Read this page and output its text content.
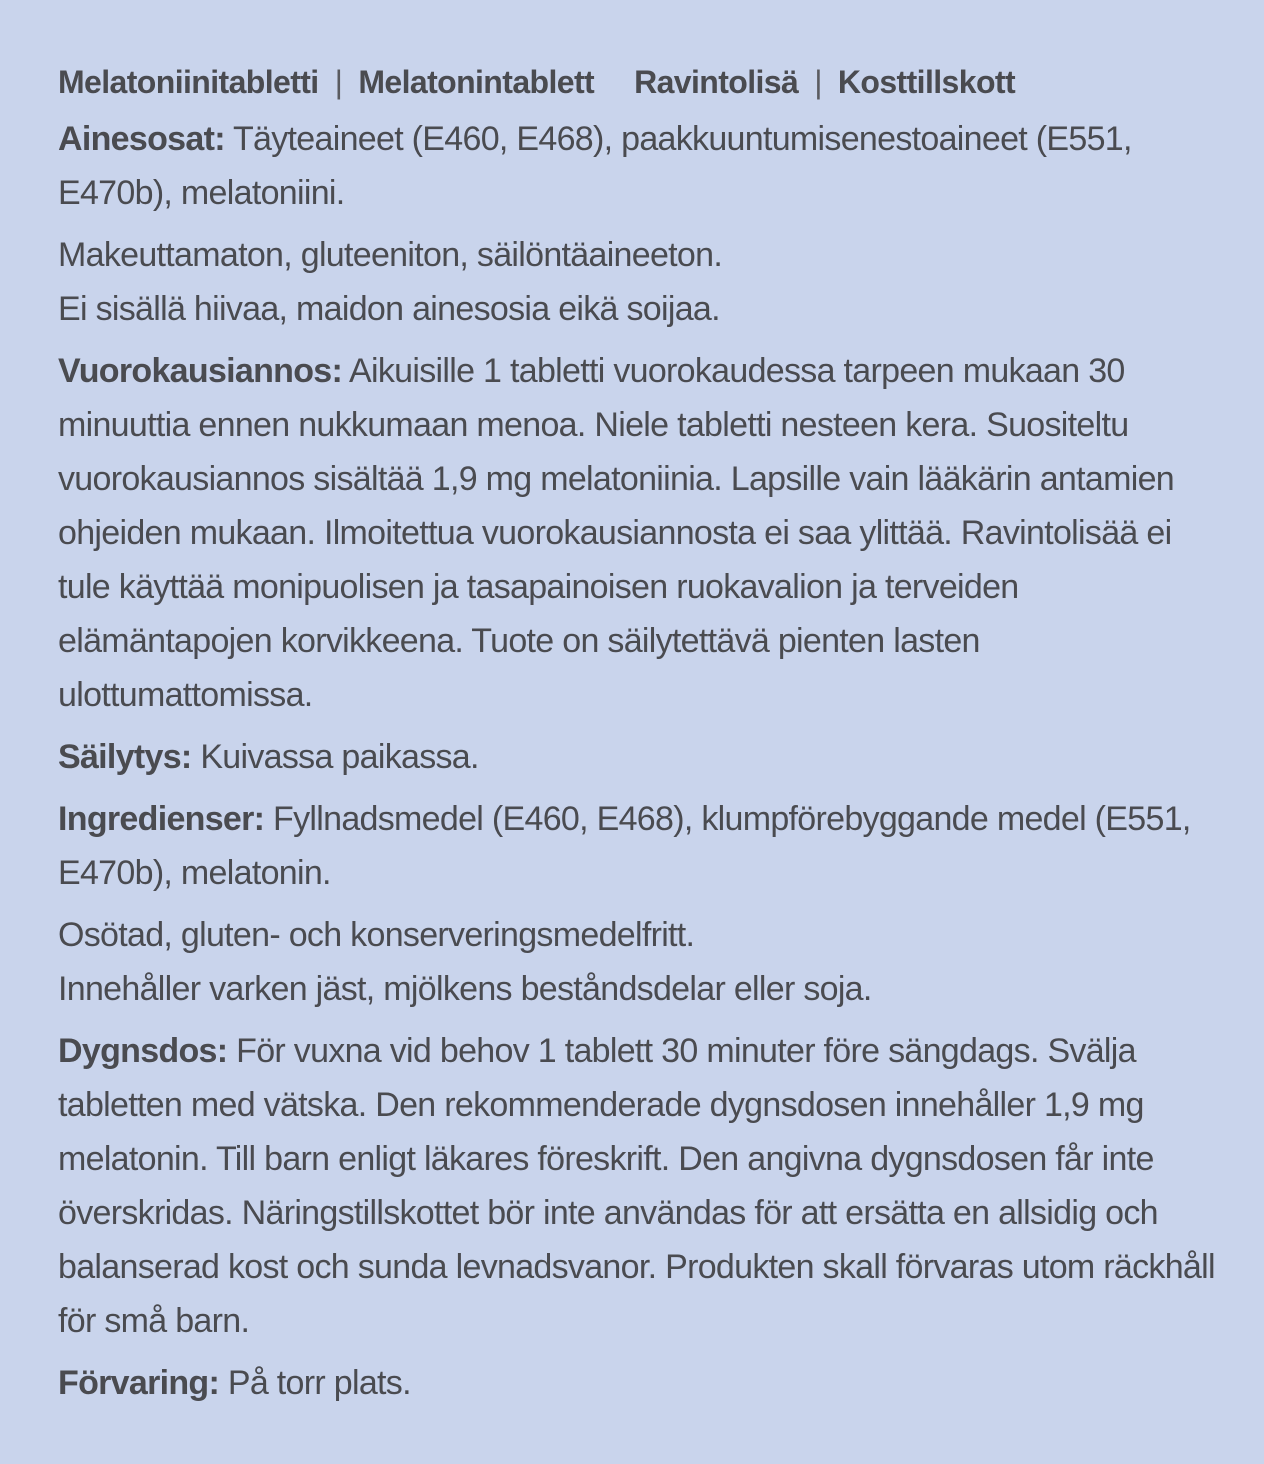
Melatoniinitabletti | Melatonintablett Ravintolisä | Kosttillskott

Ainesosat: Täyteaineet (E460, E468), paakkuuntumisenestoaineet (E551, E470b), melatoniini.

Makeuttamaton, gluteeniton, säilöntäaineeton.
Ei sisällä hiivaa, maidon ainesosia eikä soijaa.

Vuorokausiannos: Aikuisille 1 tabletti vuorokaudessa tarpeen mukaan 30 minuuttia ennen nukkumaan menoa. Niele tabletti nesteen kera. Suositeltu vuorokausiannos sisältää 1,9 mg melatoniinia. Lapsille vain lääkärin antamien ohjeiden mukaan. Ilmoitettua vuorokausiannosta ei saa ylittää. Ravintolisää ei tule käyttää monipuolisen ja tasapainoisen ruokavalion ja terveiden elämäntapojen korvikkeena. Tuote on säilytettävä pienten lasten ulottumattomissa.

Säilytys: Kuivassa paikassa.

Ingredienser: Fyllnadsmedel (E460, E468), klumpförebyggande medel (E551, E470b), melatonin.

Osötad, gluten- och konserveringsmedelfritt.
Innehåller varken jäst, mjölkens beståndsdelar eller soja.

Dygnsdos: För vuxna vid behov 1 tablett 30 minuter före sängdags. Svälja tabletten med vätska. Den rekommenderade dygnsdosen innehåller 1,9 mg melatonin. Till barn enligt läkares föreskrift. Den angivna dygnsdosen får inte överskridas. Näringstillskottet bör inte användas för att ersätta en allsidig och balanserad kost och sunda levnadsvanor. Produkten skall förvaras utom räckhåll för små barn.

Förvaring: På torr plats.
